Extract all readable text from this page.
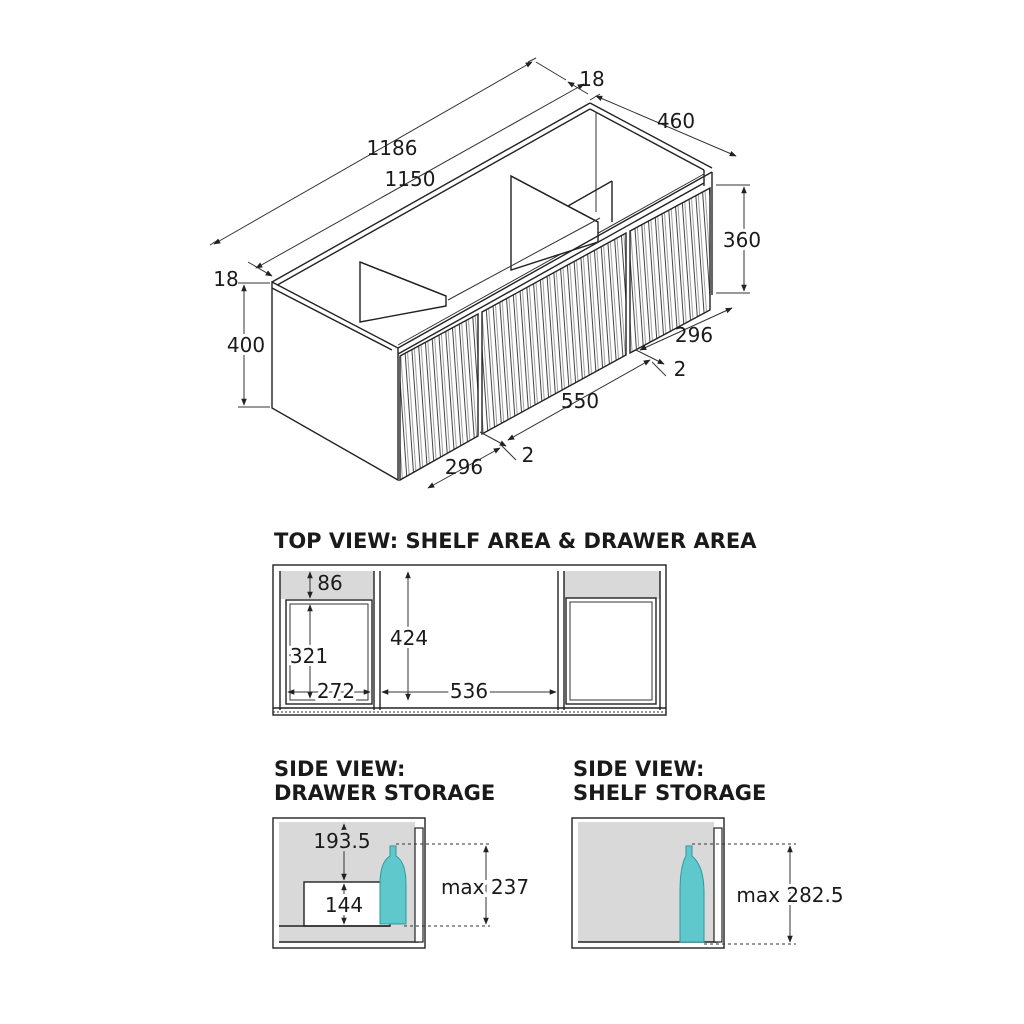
1186
1150
18
460
360
400
18
296
2
550
2
296
TOP VIEW: SHELF AREA & DRAWER AREA
86
321
272
424
536
SIDE VIEW:
DRAWER STORAGE
193.5
144
max 237
SIDE VIEW:
SHELF STORAGE
max 282.5
